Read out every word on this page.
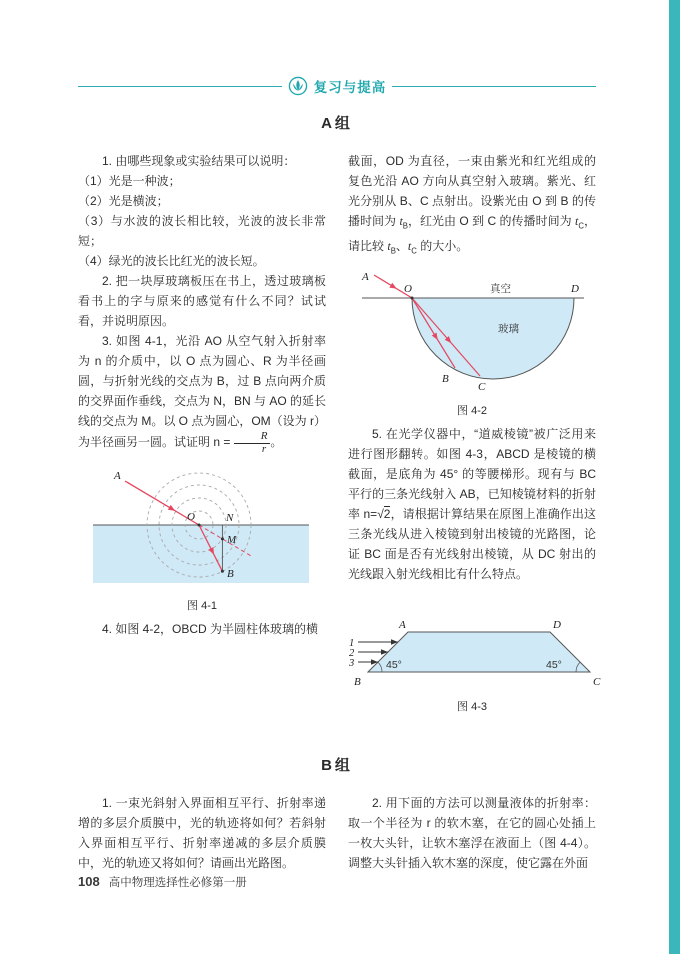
复习与提高
A组

1. 由哪些现象或实验结果可以说明：

（1）光是一种波；

（2）光是横波；

（3）与水波的波长相比较，光波的波长非常短；

（4）绿光的波长比红光的波长短。

2. 把一块厚玻璃板压在书上，透过玻璃板看书上的字与原来的感觉有什么不同？试试看，并说明原因。

3. 如图 4-1，光沿 AO 从空气射入折射率为 n 的介质中，以 O 点为圆心、R 为半径画圆，与折射光线的交点为 B，过 B 点向两介质的交界面作垂线，交点为 N，BN 与 AO 的延长线的交点为 M。以 O 点为圆心，OM（设为 r）为半径画另一圆。试证明 $n = \frac{R}{r}$ 。

A
O	N
M
B
图 4-1

4. 如图 4-2，OBCD 为半圆柱体玻璃的横

截面，OD 为直径，一束由紫光和红光组成的复色光沿 AO 方向从真空射入玻璃。紫光、红光分别从 B、C 点射出。设紫光由 O 到 B 的传播时间为 $t_B$，红光由 O 到 C 的传播时间为 $t_C$，请比较 $t_B$、$t_C$ 的大小。

A
O	D
真空
玻璃
B
C
图 4-2

5. 在光学仪器中，“道威棱镜”被广泛用来进行图形翻转。如图 4-3，ABCD 是棱镜的横截面，是底角为 45° 的等腰梯形。现有与 BC 平行的三条光线射入 AB，已知棱镜材料的折射率 n=√2，请根据计算结果在原图上准确作出这三条光线从进入棱镜到射出棱镜的光路图，论证 BC 面是否有光线射出棱镜，从 DC 射出的光线跟入射光线相比有什么特点。

1
2
3
A	D
B	C
45°	45°
图 4-3
B组

1. 一束光斜射入界面相互平行、折射率递增的多层介质膜中，光的轨迹将如何？若斜射入界面相互平行、折射率递减的多层介质膜中，光的轨迹又将如何？请画出光路图。

2. 用下面的方法可以测量液体的折射率：取一个半径为 r 的软木塞，在它的圆心处插上一枚大头针，让软木塞浮在液面上（图 4-4）。调整大头针插入软木塞的深度，使它露在外面

108 高中物理选择性必修第一册
